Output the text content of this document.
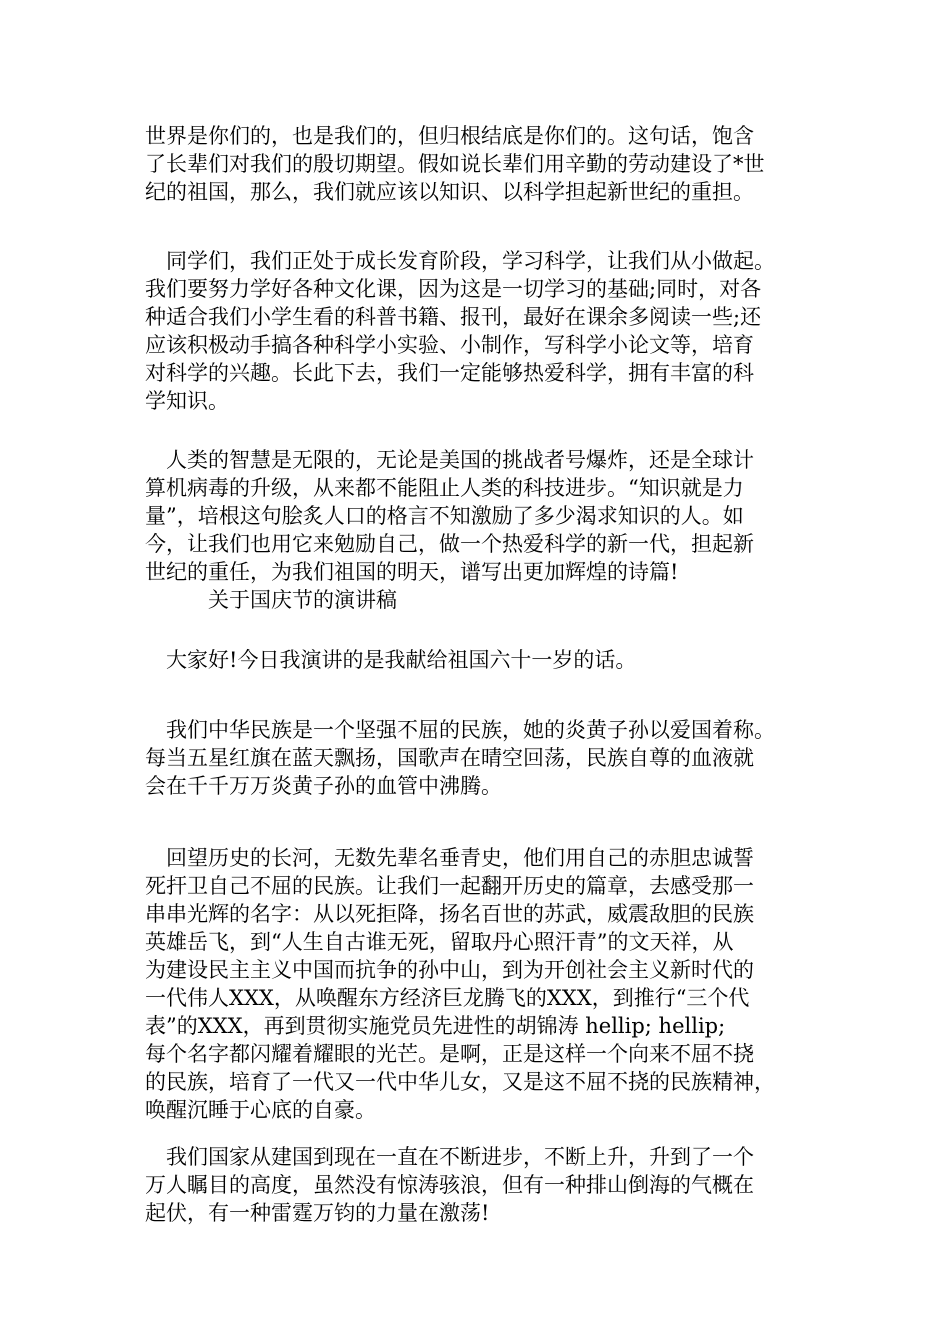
世界是你们的，也是我们的，但归根结底是你们的。这句话，饱含
了长辈们对我们的殷切期望。假如说长辈们用辛勤的劳动建设了*世
纪的祖国，那么，我们就应该以知识、以科学担起新世纪的重担。
　同学们，我们正处于成长发育阶段，学习科学，让我们从小做起。
我们要努力学好各种文化课，因为这是一切学习的基础;同时，对各
种适合我们小学生看的科普书籍、报刊，最好在课余多阅读一些;还
应该积极动手搞各种科学小实验、小制作，写科学小论文等，培育
对科学的兴趣。长此下去，我们一定能够热爱科学，拥有丰富的科
学知识。
　人类的智慧是无限的，无论是美国的挑战者号爆炸，还是全球计
算机病毒的升级，从来都不能阻止人类的科技进步。“知识就是力
量”，培根这句脍炙人口的格言不知激励了多少渴求知识的人。如
今，让我们也用它来勉励自己，做一个热爱科学的新一代，担起新
世纪的重任，为我们祖国的明天，谱写出更加辉煌的诗篇!
　　　关于国庆节的演讲稿
　大家好!今日我演讲的是我献给祖国六十一岁的话。
　我们中华民族是一个坚强不屈的民族，她的炎黄子孙以爱国着称。
每当五星红旗在蓝天飘扬，国歌声在晴空回荡，民族自尊的血液就
会在千千万万炎黄子孙的血管中沸腾。
　回望历史的长河，无数先辈名垂青史，他们用自己的赤胆忠诚誓
死扞卫自己不屈的民族。让我们一起翻开历史的篇章，去感受那一
串串光辉的名字：从以死拒降，扬名百世的苏武，威震敌胆的民族
英雄岳飞，到“人生自古谁无死，留取丹心照汗青”的文天祥，从
为建设民主主义中国而抗争的孙中山，到为开创社会主义新时代的
一代伟人XXX，从唤醒东方经济巨龙腾飞的XXX，到推行“三个代
表”的XXX，再到贯彻实施党员先进性的胡锦涛 hellip; hellip;
每个名字都闪耀着耀眼的光芒。是啊，正是这样一个向来不屈不挠
的民族，培育了一代又一代中华儿女，又是这不屈不挠的民族精神，
唤醒沉睡于心底的自豪。
　我们国家从建国到现在一直在不断进步，不断上升，升到了一个
万人瞩目的高度，虽然没有惊涛骇浪，但有一种排山倒海的气概在
起伏，有一种雷霆万钧的力量在激荡!
